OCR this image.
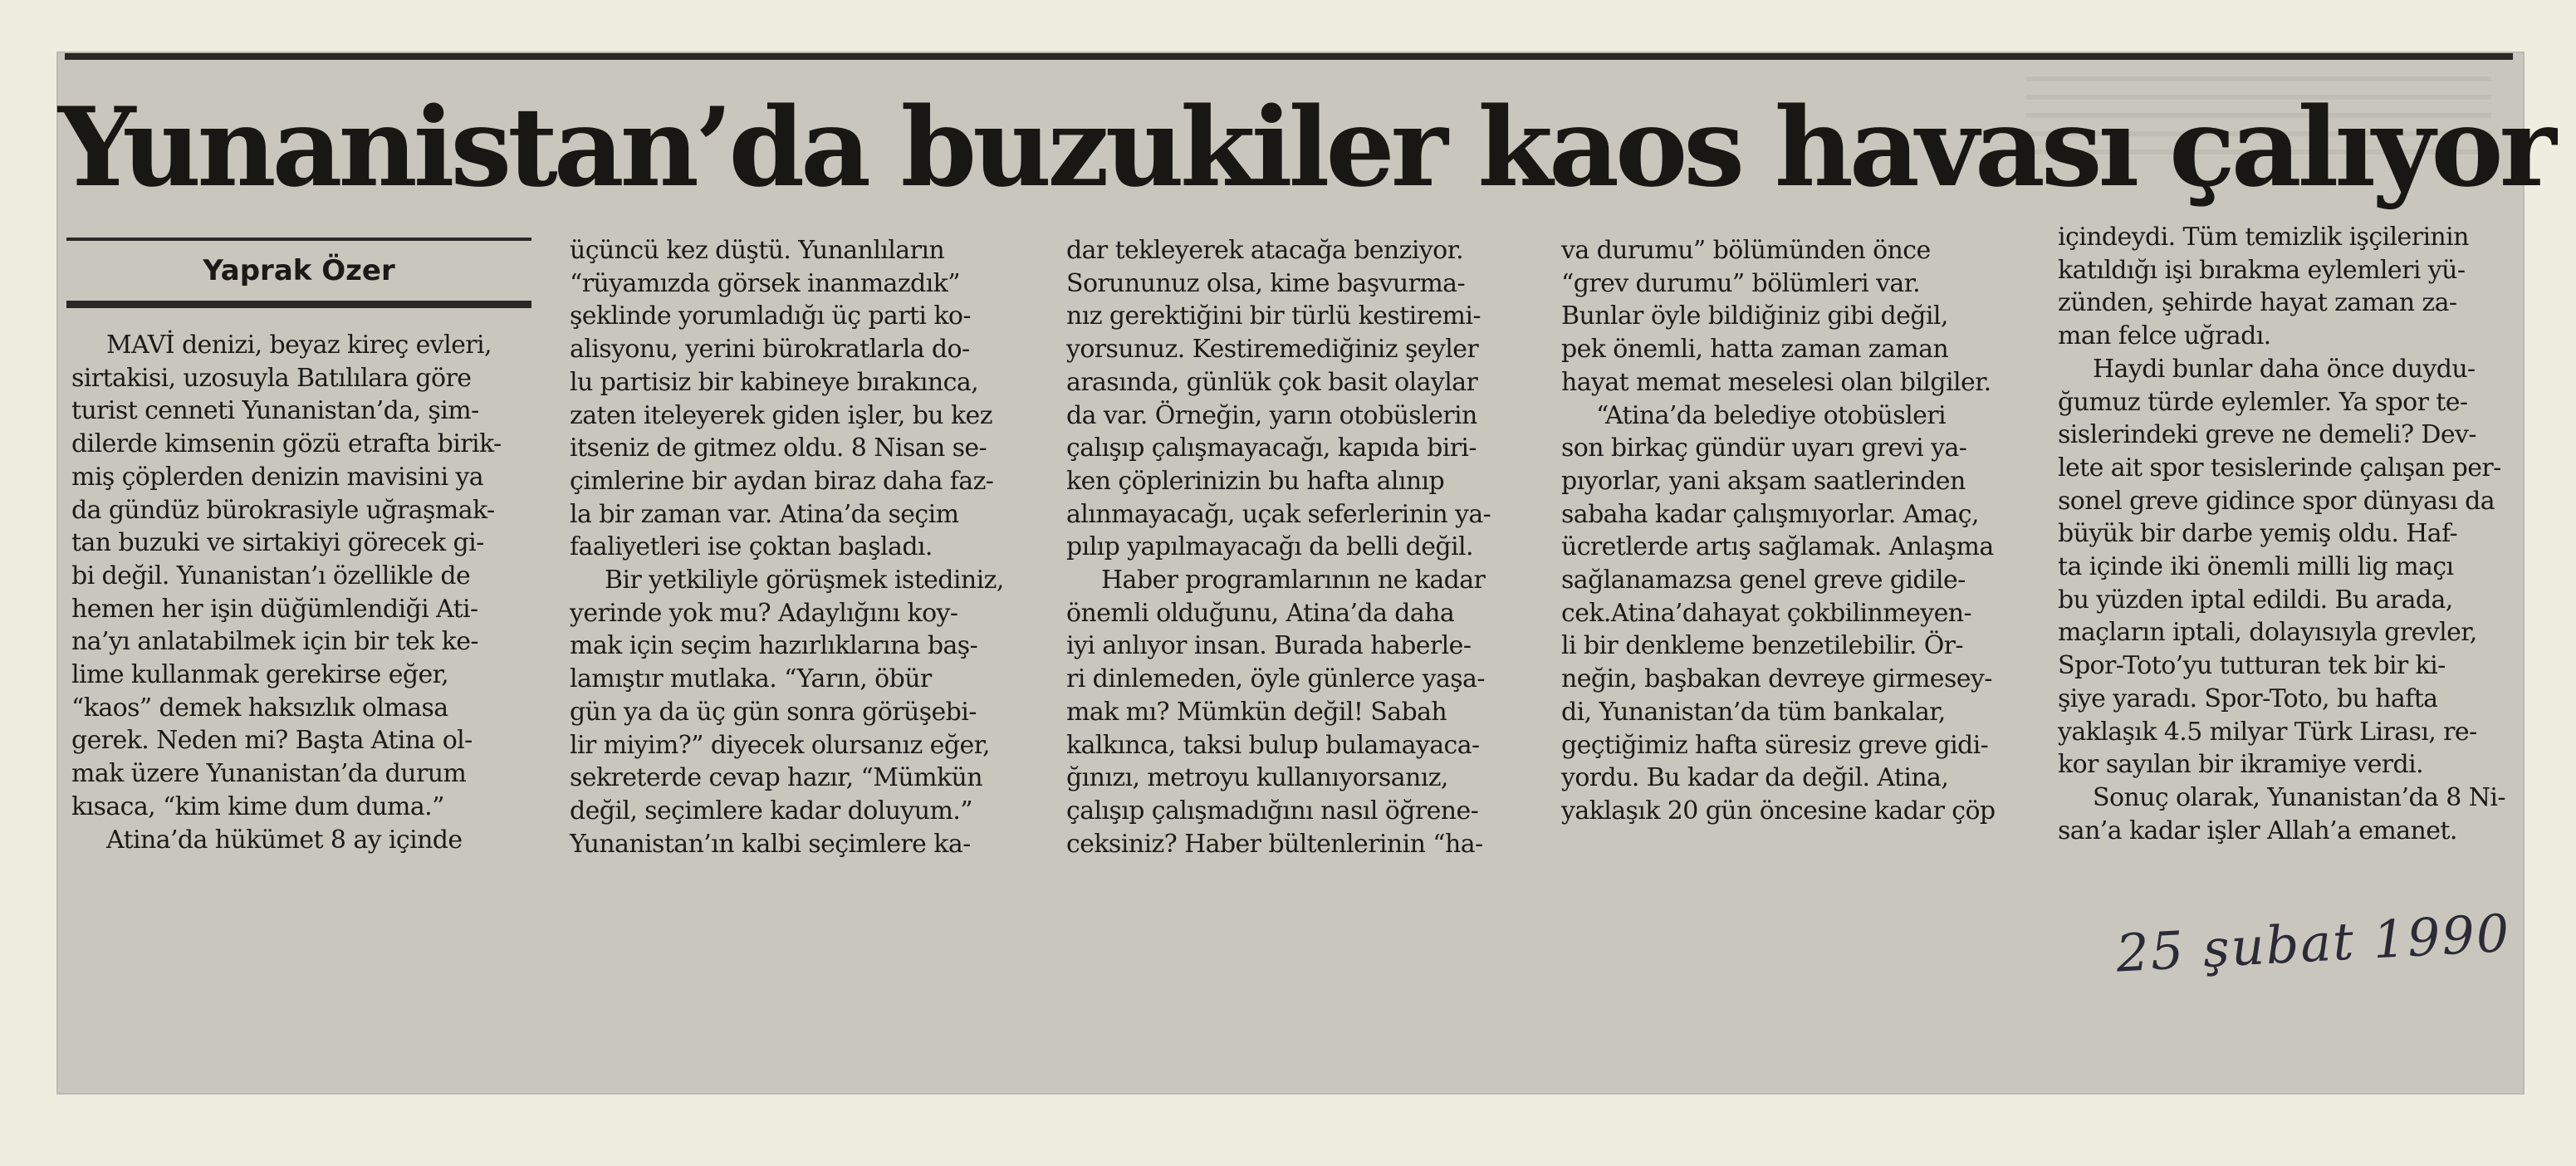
Yunanistan’da buzukiler kaos havası çalıyor
Yaprak Özer
MAVİ denizi, beyaz kireç evleri,
sirtakisi, uzosuyla Batılılara göre
turist cenneti Yunanistan’da, şim-
dilerde kimsenin gözü etrafta birik-
miş çöplerden denizin mavisini ya
da gündüz bürokrasiyle uğraşmak-
tan buzuki ve sirtakiyi görecek gi-
bi değil. Yunanistan’ı özellikle de
hemen her işin düğümlendiği Ati-
na’yı anlatabilmek için bir tek ke-
lime kullanmak gerekirse eğer,
“kaos” demek haksızlık olmasa
gerek. Neden mi? Başta Atina ol-
mak üzere Yunanistan’da durum
kısaca, “kim kime dum duma.”
Atina’da hükümet 8 ay içinde
üçüncü kez düştü. Yunanlıların
“rüyamızda görsek inanmazdık”
şeklinde yorumladığı üç parti ko-
alisyonu, yerini bürokratlarla do-
lu partisiz bir kabineye bırakınca,
zaten iteleyerek giden işler, bu kez
itseniz de gitmez oldu. 8 Nisan se-
çimlerine bir aydan biraz daha faz-
la bir zaman var. Atina’da seçim
faaliyetleri ise çoktan başladı.
Bir yetkiliyle görüşmek istediniz,
yerinde yok mu? Adaylığını koy-
mak için seçim hazırlıklarına baş-
lamıştır mutlaka. “Yarın, öbür
gün ya da üç gün sonra görüşebi-
lir miyim?” diyecek olursanız eğer,
sekreterde cevap hazır, “Mümkün
değil, seçimlere kadar doluyum.”
Yunanistan’ın kalbi seçimlere ka-
dar tekleyerek atacağa benziyor.
Sorununuz olsa, kime başvurma-
nız gerektiğini bir türlü kestiremi-
yorsunuz. Kestiremediğiniz şeyler
arasında, günlük çok basit olaylar
da var. Örneğin, yarın otobüslerin
çalışıp çalışmayacağı, kapıda biri-
ken çöplerinizin bu hafta alınıp
alınmayacağı, uçak seferlerinin ya-
pılıp yapılmayacağı da belli değil.
Haber programlarının ne kadar
önemli olduğunu, Atina’da daha
iyi anlıyor insan. Burada haberle-
ri dinlemeden, öyle günlerce yaşa-
mak mı? Mümkün değil! Sabah
kalkınca, taksi bulup bulamayaca-
ğınızı, metroyu kullanıyorsanız,
çalışıp çalışmadığını nasıl öğrene-
ceksiniz? Haber bültenlerinin “ha-
va durumu” bölümünden önce
“grev durumu” bölümleri var.
Bunlar öyle bildiğiniz gibi değil,
pek önemli, hatta zaman zaman
hayat memat meselesi olan bilgiler.
“Atina’da belediye otobüsleri
son birkaç gündür uyarı grevi ya-
pıyorlar, yani akşam saatlerinden
sabaha kadar çalışmıyorlar. Amaç,
ücretlerde artış sağlamak. Anlaşma
sağlanamazsa genel greve gidile-
cek.Atina’dahayat çokbilinmeyen-
li bir denkleme benzetilebilir. Ör-
neğin, başbakan devreye girmesey-
di, Yunanistan’da tüm bankalar,
geçtiğimiz hafta süresiz greve gidi-
yordu. Bu kadar da değil. Atina,
yaklaşık 20 gün öncesine kadar çöp
içindeydi. Tüm temizlik işçilerinin
katıldığı işi bırakma eylemleri yü-
zünden, şehirde hayat zaman za-
man felce uğradı.
Haydi bunlar daha önce duydu-
ğumuz türde eylemler. Ya spor te-
sislerindeki greve ne demeli? Dev-
lete ait spor tesislerinde çalışan per-
sonel greve gidince spor dünyası da
büyük bir darbe yemiş oldu. Haf-
ta içinde iki önemli milli lig maçı
bu yüzden iptal edildi. Bu arada,
maçların iptali, dolayısıyla grevler,
Spor-Toto’yu tutturan tek bir ki-
şiye yaradı. Spor-Toto, bu hafta
yaklaşık 4.5 milyar Türk Lirası, re-
kor sayılan bir ikramiye verdi.
Sonuç olarak, Yunanistan’da 8 Ni-
san’a kadar işler Allah’a emanet.
25 şubat 1990
